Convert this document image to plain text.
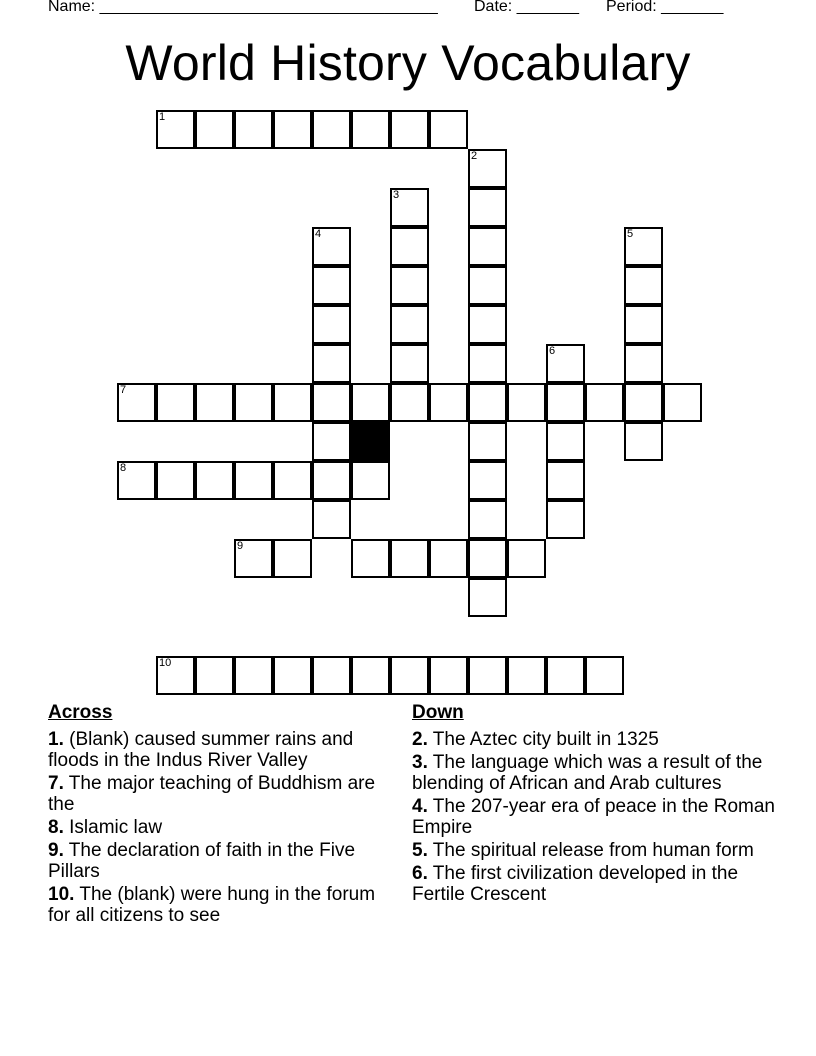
Name: ______________________________________ Date: _______ Period: _______
World History Vocabulary
1
2
3
4	5
6
7
8
9
10
Across
1. (Blank) caused summer rains and floods in the Indus River Valley
7. The major teaching of Buddhism are the
8. Islamic law
9. The declaration of faith in the Five Pillars
10. The (blank) were hung in the forum for all citizens to see
Down
2. The Aztec city built in 1325
3. The language which was a result of the blending of African and Arab cultures
4. The 207-year era of peace in the Roman Empire
5. The spiritual release from human form
6. The first civilization developed in the Fertile Crescent
